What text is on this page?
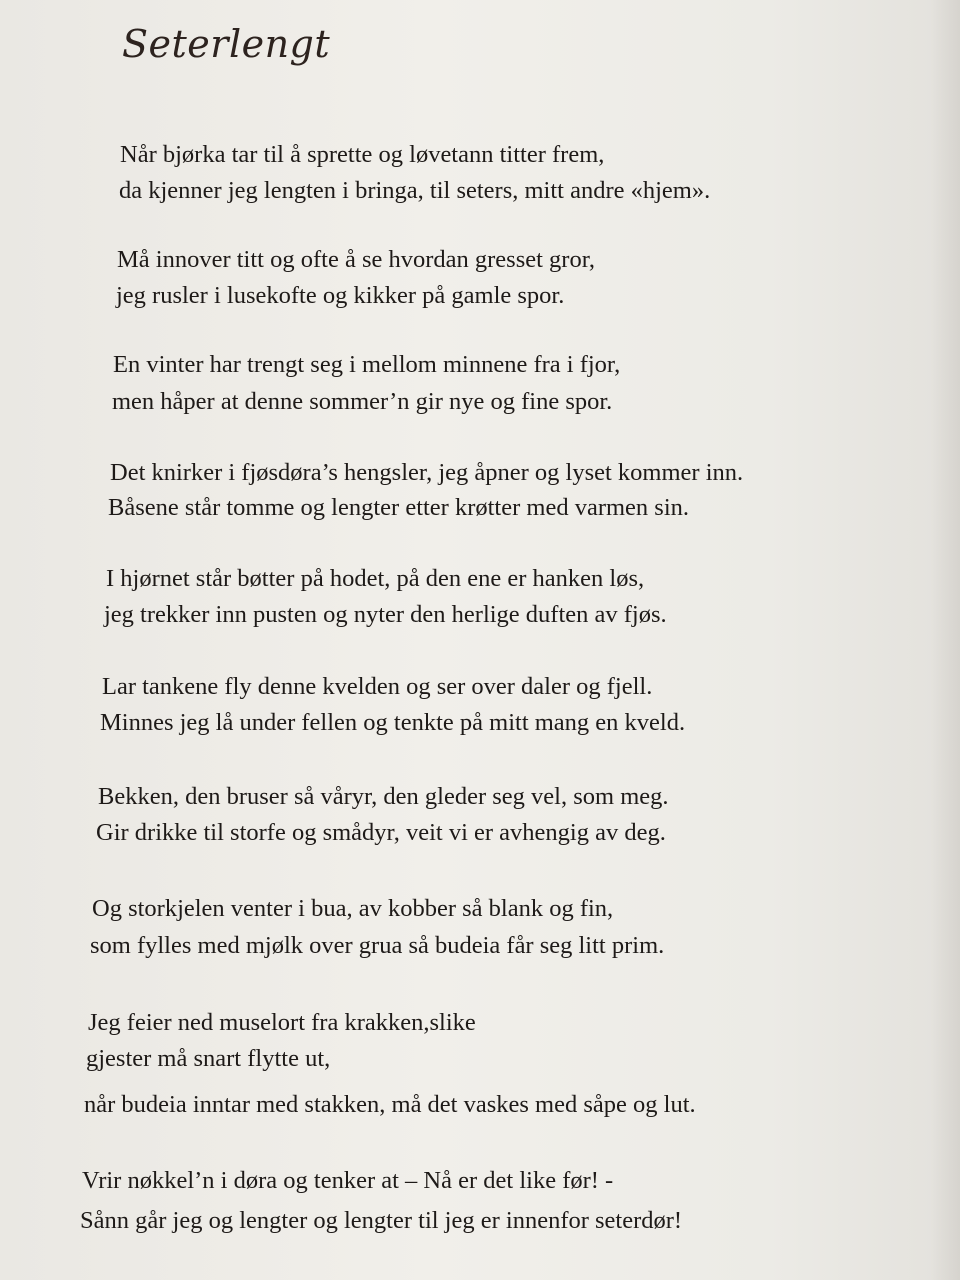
Seterlengt

Når bjørka tar til å sprette og løvetann titter frem,

da kjenner jeg lengten i bringa, til seters, mitt andre «hjem».

Må innover titt og ofte å se hvordan gresset gror,

jeg rusler i lusekofte og kikker på gamle spor.

En vinter har trengt seg i mellom minnene fra i fjor,

men håper at denne sommer’n gir nye og fine spor.

Det knirker i fjøsdøra’s hengsler, jeg åpner og lyset kommer inn.

Båsene står tomme og lengter etter krøtter med varmen sin.

I hjørnet står bøtter på hodet, på den ene er hanken løs,

jeg trekker inn pusten og nyter den herlige duften av fjøs.

Lar tankene fly denne kvelden og ser over daler og fjell.

Minnes jeg lå under fellen og tenkte på mitt mang en kveld.

Bekken, den bruser så våryr, den gleder seg vel, som meg.

Gir drikke til storfe og smådyr, veit vi er avhengig av deg.

Og storkjelen venter i bua, av kobber så blank og fin,

som fylles med mjølk over grua så budeia får seg litt prim.

Jeg feier ned muselort fra krakken,slike

gjester må snart flytte ut,

når budeia inntar med stakken, må det vaskes med såpe og lut.

Vrir nøkkel’n i døra og tenker at – Nå er det like før! -

Sånn går jeg og lengter og lengter til jeg er innenfor seterdør!
